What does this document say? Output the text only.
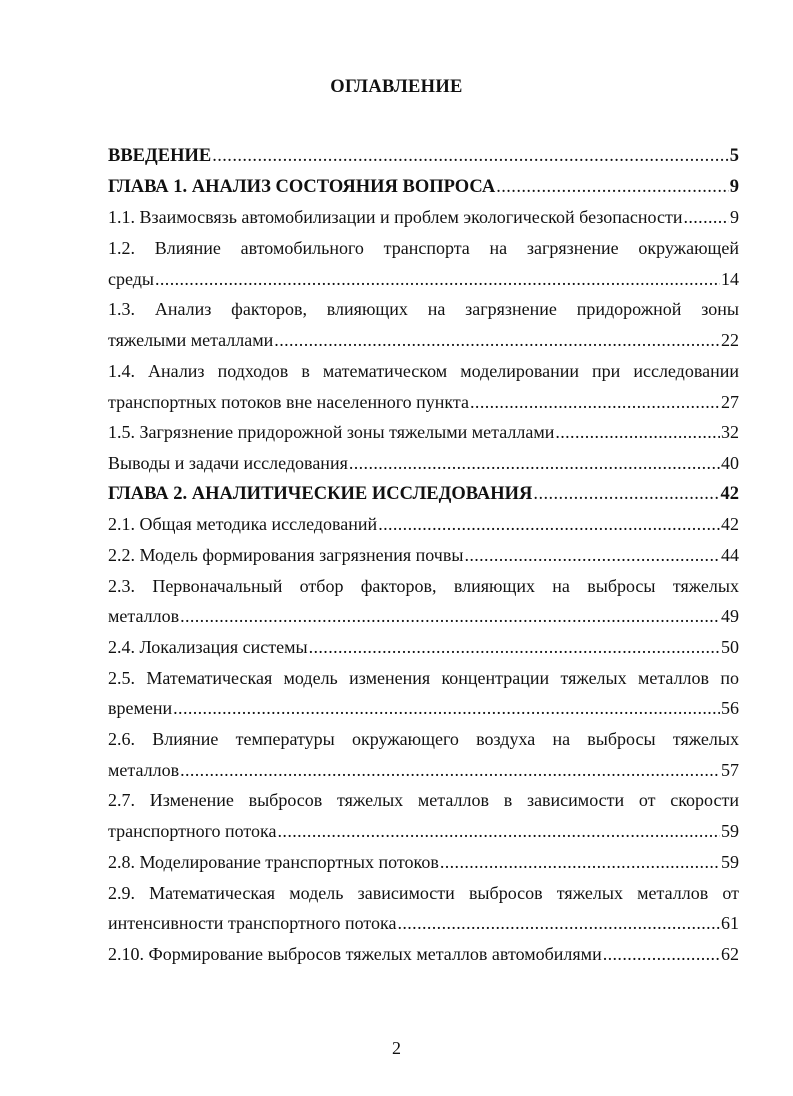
ОГЛАВЛЕНИЕ
ВВЕДЕНИЕ .....	5
ГЛАВА 1. АНАЛИЗ СОСТОЯНИЯ ВОПРОСА .....	9
1.1. Взаимосвязь автомобилизации и проблем экологической безопасности .....	9
1.2. Влияние автомобильного транспорта на загрязнение окружающей
среды .....	14
1.3. Анализ факторов, влияющих на загрязнение придорожной зоны
тяжелыми металлами .....	22
1.4. Анализ подходов в математическом моделировании при исследовании
транспортных потоков вне населенного пункта .....	27
1.5. Загрязнение придорожной зоны тяжелыми металлами .....	32
Выводы и задачи исследования .....	40
ГЛАВА 2. АНАЛИТИЧЕСКИЕ ИССЛЕДОВАНИЯ .....	42
2.1. Общая методика исследований .....	42
2.2. Модель формирования загрязнения почвы .....	44
2.3. Первоначальный отбор факторов, влияющих на выбросы тяжелых
металлов .....	49
2.4. Локализация системы .....	50
2.5. Математическая модель изменения концентрации тяжелых металлов по
времени .....	56
2.6. Влияние температуры окружающего воздуха на выбросы тяжелых
металлов .....	57
2.7. Изменение выбросов тяжелых металлов в зависимости от скорости
транспортного потока .....	59
2.8. Моделирование транспортных потоков .....	59
2.9. Математическая модель зависимости выбросов тяжелых металлов от
интенсивности транспортного потока .....	61
2.10. Формирование выбросов тяжелых металлов автомобилями .....	62
2
